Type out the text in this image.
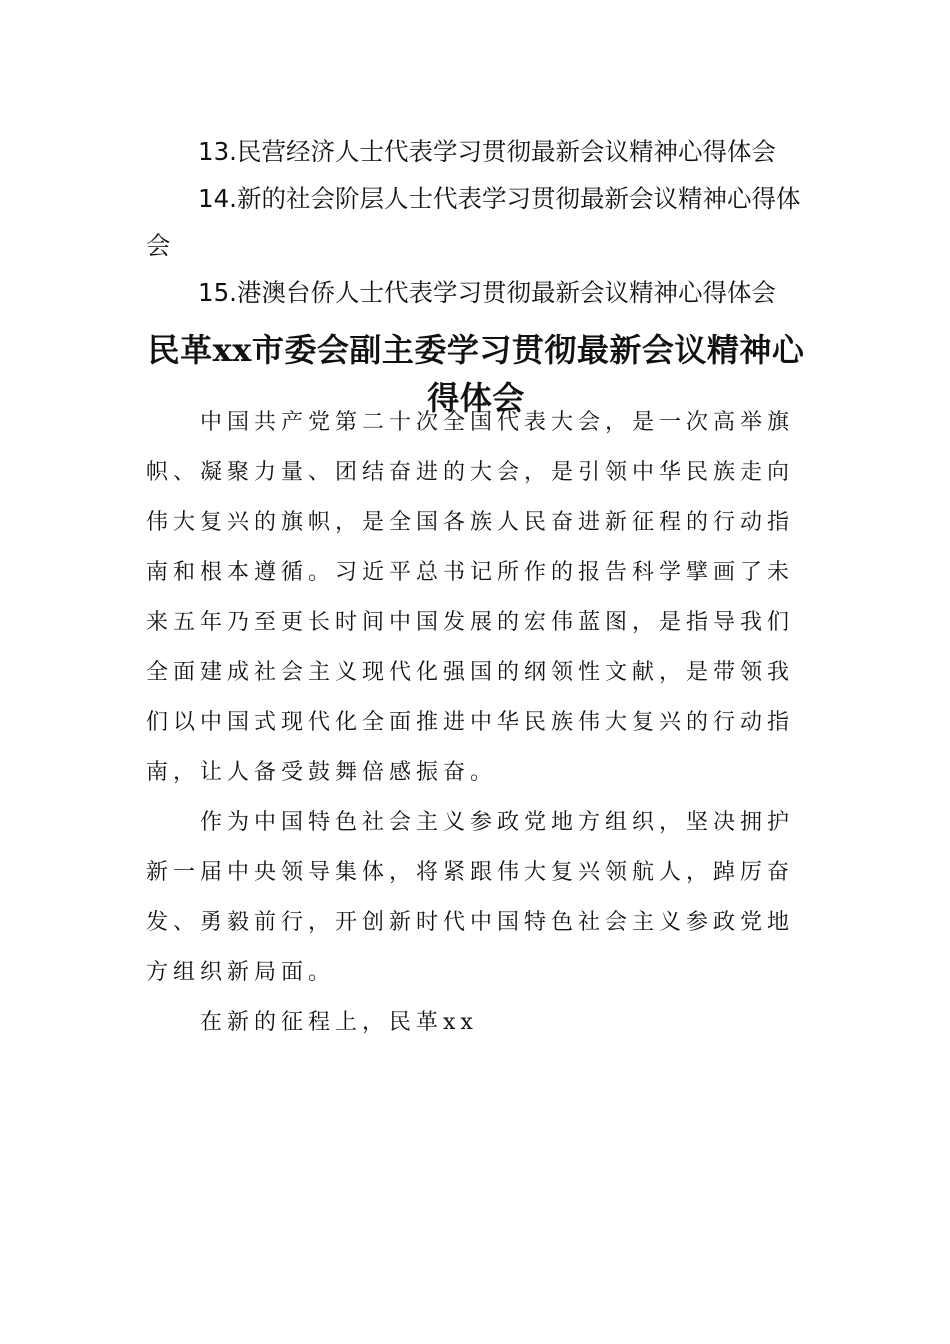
13.民营经济人士代表学习贯彻最新会议精神心得体会

14.新的社会阶层人士代表学习贯彻最新会议精神心得体会

15.港澳台侨人士代表学习贯彻最新会议精神心得体会

民革xx市委会副主委学习贯彻最新会议精神心得体会

中国共产党第二十次全国代表大会，是一次高举旗帜、凝聚力量、团结奋进的大会，是引领中华民族走向伟大复兴的旗帜，是全国各族人民奋进新征程的行动指南和根本遵循。习近平总书记所作的报告科学擘画了未来五年乃至更长时间中国发展的宏伟蓝图，是指导我们全面建成社会主义现代化强国的纲领性文献，是带领我们以中国式现代化全面推进中华民族伟大复兴的行动指南，让人备受鼓舞倍感振奋。

作为中国特色社会主义参政党地方组织，坚决拥护新一届中央领导集体，将紧跟伟大复兴领航人，踔厉奋发、勇毅前行，开创新时代中国特色社会主义参政党地方组织新局面。

在新的征程上，民革xx
